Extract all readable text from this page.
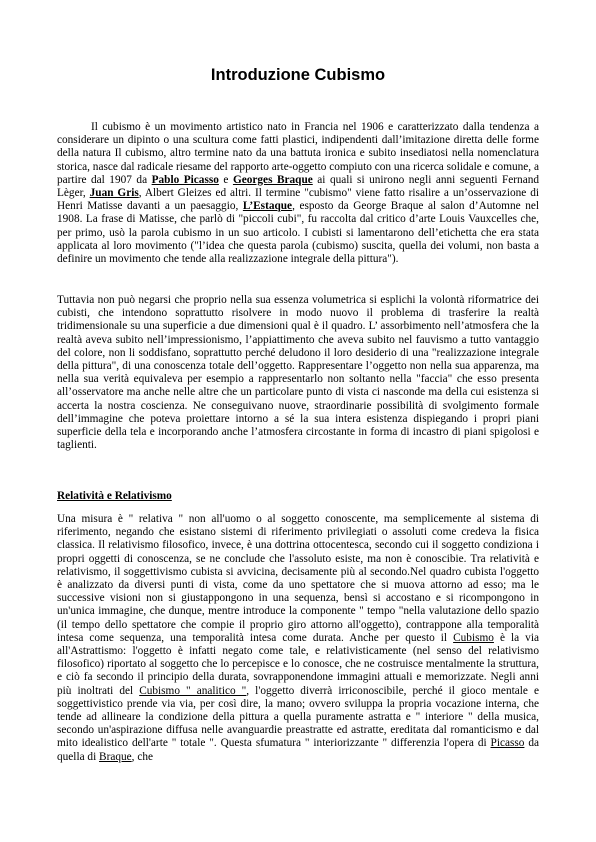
Introduzione Cubismo

Il cubismo è un movimento artistico nato in Francia nel 1906 e caratterizzato dalla tendenza a considerare un dipinto o una scultura come fatti plastici, indipendenti dall’imitazione diretta delle forme della natura Il cubismo, altro termine nato da una battuta ironica e subito insediatosi nella nomenclatura storica, nasce dal radicale riesame del rapporto arte-oggetto compiuto con una ricerca solidale e comune, a partire dal 1907 da Pablo Picasso e Georges Braque ai quali si unirono negli anni seguenti Fernand Lèger, Juan Gris, Albert Gleizes ed altri. Il termine "cubismo" viene fatto risalire a un’osservazione di Henri Matisse davanti a un paesaggio, L’Estaque, esposto da George Braque al salon d’Automne nel 1908. La frase di Matisse, che parlò di "piccoli cubi", fu raccolta dal critico d’arte Louis Vauxcelles che, per primo, usò la parola cubismo in un suo articolo. I cubisti si lamentarono dell’etichetta che era stata applicata al loro movimento ("l’idea che questa parola (cubismo) suscita, quella dei volumi, non basta a definire un movimento che tende alla realizzazione integrale della pittura").

Tuttavia non può negarsi che proprio nella sua essenza volumetrica si esplichi la volontà riformatrice dei cubisti, che intendono soprattutto risolvere in modo nuovo il problema di trasferire la realtà tridimensionale su una superficie a due dimensioni qual è il quadro. L’ assorbimento nell’atmosfera che la realtà aveva subito nell’impressionismo, l’appiattimento che aveva subito nel fauvismo a tutto vantaggio del colore, non li soddisfano, soprattutto perché deludono il loro desiderio di una "realizzazione integrale della pittura", di una conoscenza totale dell’oggetto. Rappresentare l’oggetto non nella sua apparenza, ma nella sua verità equivaleva per esempio a rappresentarlo non soltanto nella "faccia" che esso presenta all’osservatore ma anche nelle altre che un particolare punto di vista ci nasconde ma della cui esistenza si accerta la nostra coscienza. Ne conseguivano nuove, straordinarie possibilità di svolgimento formale dell’immagine che poteva proiettare intorno a sé la sua intera esistenza dispiegando i propri piani superficie della tela e incorporando anche l’atmosfera circostante in forma di incastro di piani spigolosi e taglienti.

Relatività e Relativismo

Una misura è " relativa " non all'uomo o al soggetto conoscente, ma semplicemente al sistema di riferimento, negando che esistano sistemi di riferimento privilegiati o assoluti come credeva la fisica classica. Il relativismo filosofico, invece, è una dottrina ottocentesca, secondo cui il soggetto condiziona i propri oggetti di conoscenza, se ne conclude che l'assoluto esiste, ma non è conoscibie. Tra relatività e relativismo, il soggettivismo cubista si avvicina, decisamente più al secondo.Nel quadro cubista l'oggetto è analizzato da diversi punti di vista, come da uno spettatore che si muova attorno ad esso; ma le successive visioni non si giustappongono in una sequenza, bensì si accostano e si ricompongono in un'unica immagine, che dunque, mentre introduce la componente " tempo "nella valutazione dello spazio (il tempo dello spettatore che compie il proprio giro attorno all'oggetto), contrappone alla temporalità intesa come sequenza, una temporalità intesa come durata. Anche per questo il Cubismo è la via all'Astrattismo: l'oggetto è infatti negato come tale, e relativisticamente (nel senso del relativismo filosofico) riportato al soggetto che lo percepisce e lo conosce, che ne costruisce mentalmente la struttura, e ciò fa secondo il principio della durata, sovrapponendone immagini attuali e memorizzate. Negli anni più inoltrati del Cubismo " analitico ", l'oggetto diverrà irriconoscibile, perché il gioco mentale e soggettivistico prende via via, per così dire, la mano; ovvero sviluppa la propria vocazione interna, che tende ad allineare la condizione della pittura a quella puramente astratta e " interiore " della musica, secondo un'aspirazione diffusa nelle avanguardie preastratte ed astratte, ereditata dal romanticismo e dal mito idealistico dell'arte " totale ". Questa sfumatura " interiorizzante " differenzia l'opera di Picasso da quella di Braque, che
